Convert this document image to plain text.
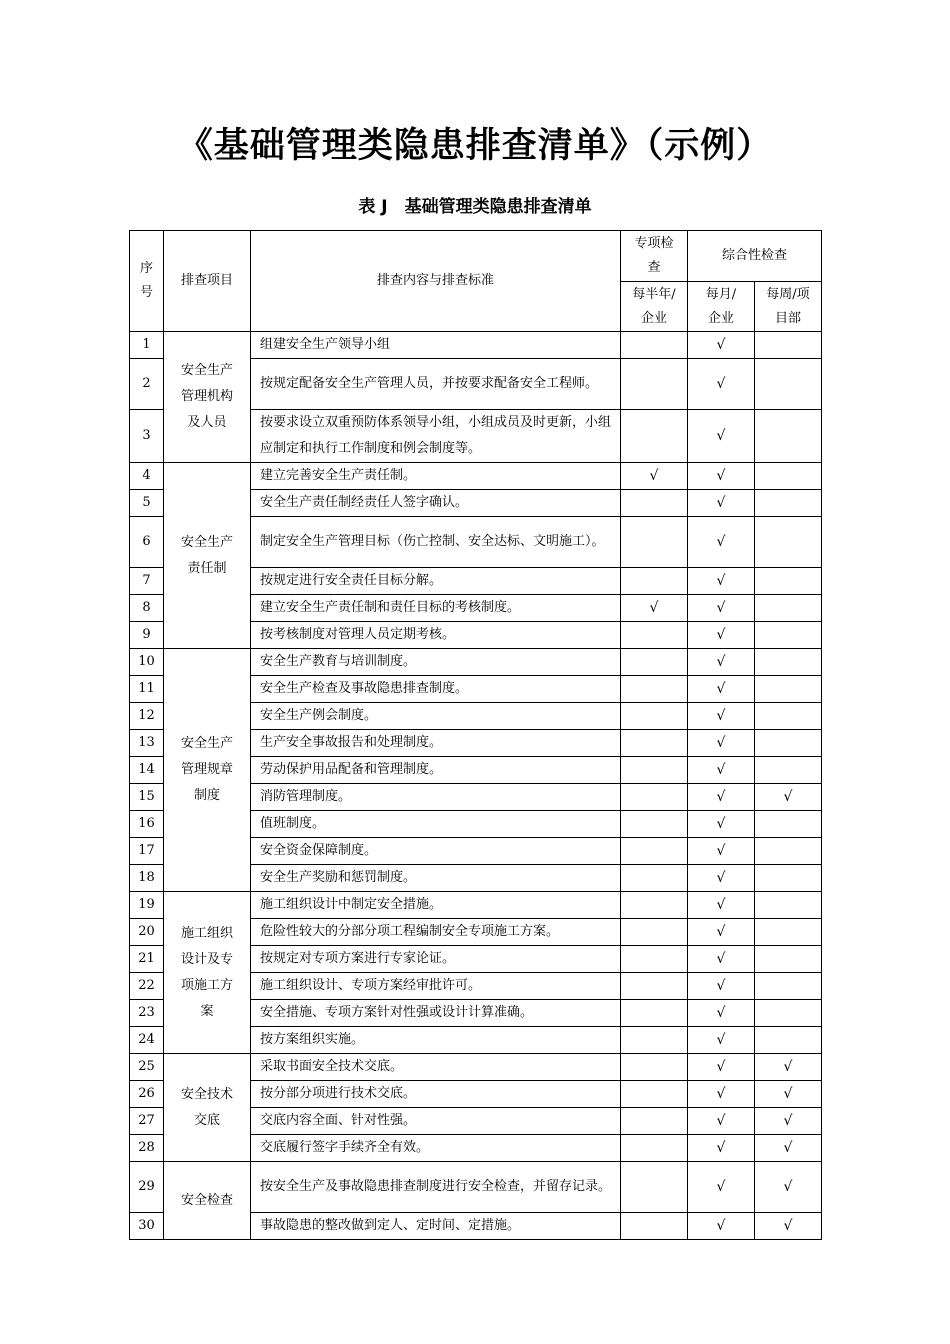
《基础管理类隐患排查清单》（示例）
表 J　基础管理类隐患排查清单
序号	排查项目	排查内容与排查标准	专项检查	综合性检查	

			每半年/企业	每月/企业	每周/项目部

1	安全生产管理机构及人员	组建安全生产领导小组		√	
2		按规定配备安全生产管理人员，并按要求配备安全工程师。		√	
3		按要求设立双重预防体系领导小组，小组成员及时更新，小组应制定和执行工作制度和例会制度等。		√	
4	安全生产责任制	建立完善安全生产责任制。	√	√	
5		安全生产责任制经责任人签字确认。		√	
6		制定安全生产管理目标（伤亡控制、安全达标、文明施工）。		√	
7		按规定进行安全责任目标分解。		√	
8		建立安全生产责任制和责任目标的考核制度。	√	√	
9		按考核制度对管理人员定期考核。		√	
10	安全生产管理规章制度	安全生产教育与培训制度。		√	
11		安全生产检查及事故隐患排查制度。		√	
12		安全生产例会制度。		√	
13		生产安全事故报告和处理制度。		√	
14		劳动保护用品配备和管理制度。		√	
15		消防管理制度。		√	√
16		值班制度。		√	
17		安全资金保障制度。		√	
18		安全生产奖励和惩罚制度。		√	
19	施工组织设计及专项施工方案	施工组织设计中制定安全措施。		√	
20		危险性较大的分部分项工程编制安全专项施工方案。		√	
21		按规定对专项方案进行专家论证。		√	
22		施工组织设计、专项方案经审批许可。		√	
23		安全措施、专项方案针对性强或设计计算准确。		√	
24		按方案组织实施。		√	
25	安全技术交底	采取书面安全技术交底。		√	√
26		按分部分项进行技术交底。		√	√
27		交底内容全面、针对性强。		√	√
28		交底履行签字手续齐全有效。		√	√
29	安全检查	按安全生产及事故隐患排查制度进行安全检查，并留存记录。		√	√
30		事故隐患的整改做到定人、定时间、定措施。		√	√
